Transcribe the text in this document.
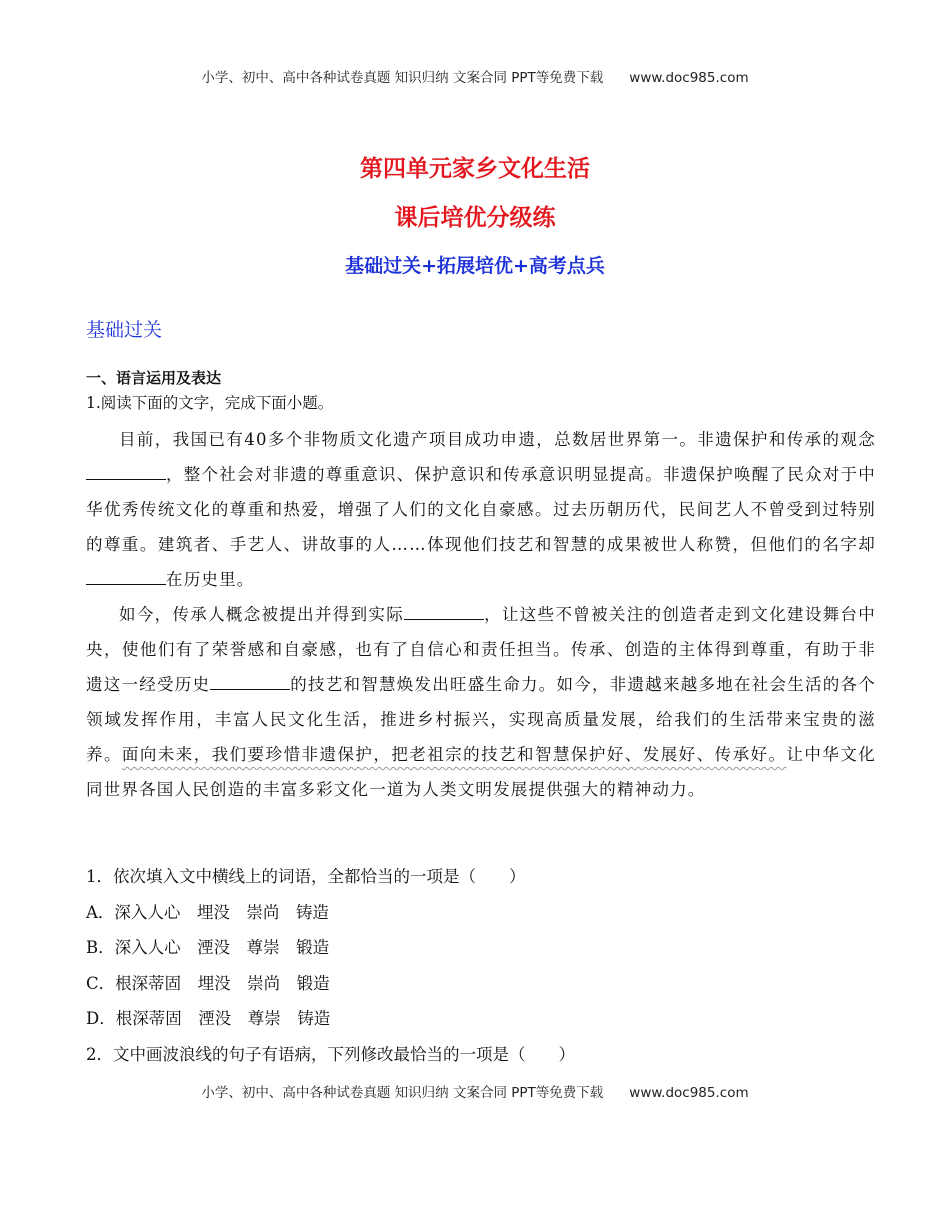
小学、初中、高中各种试卷真题 知识归纳 文案合同 PPT等免费下载 www.doc985.com
第四单元家乡文化生活
课后培优分级练
基础过关+拓展培优+高考点兵
基础过关
一、语言运用及表达
1.阅读下面的文字，完成下面小题。

目前，我国已有40多个非物质文化遗产项目成功申遗，总数居世界第一。非遗保护和传承的观念，整个社会对非遗的尊重意识、保护意识和传承意识明显提高。非遗保护唤醒了民众对于中华优秀传统文化的尊重和热爱，增强了人们的文化自豪感。过去历朝历代，民间艺人不曾受到过特别的尊重。建筑者、手艺人、讲故事的人……体现他们技艺和智慧的成果被世人称赞，但他们的名字却在历史里。

如今，传承人概念被提出并得到实际	，让这些不曾被关注的创造者走到文化建设舞台中央，使他们有了荣誉感和自豪感，也有了自信心和责任担当。传承、创造的主体得到尊重，有助于非遗这一经受历史	的技艺和智慧焕发出旺盛生命力。如今，非遗越来越多地在社会生活的各个领域发挥作用，丰富人民文化生活，推进乡村振兴，实现高质量发展，给我们的生活带来宝贵的滋养。面向未来，我们要珍惜非遗保护，把老祖宗的技艺和智慧保护好、发展好、传承好。让中华文化同世界各国人民创造的丰富多彩文化一道为人类文明发展提供强大的精神动力。

1．依次填入文中横线上的词语，全都恰当的一项是（　　）
A．深入人心　埋没　崇尚　铸造
B．深入人心　湮没　尊崇　锻造
C．根深蒂固　埋没　崇尚　锻造
D．根深蒂固　湮没　尊崇　铸造
2．文中画波浪线的句子有语病，下列修改最恰当的一项是（　　）
小学、初中、高中各种试卷真题 知识归纳 文案合同 PPT等免费下载 www.doc985.com
